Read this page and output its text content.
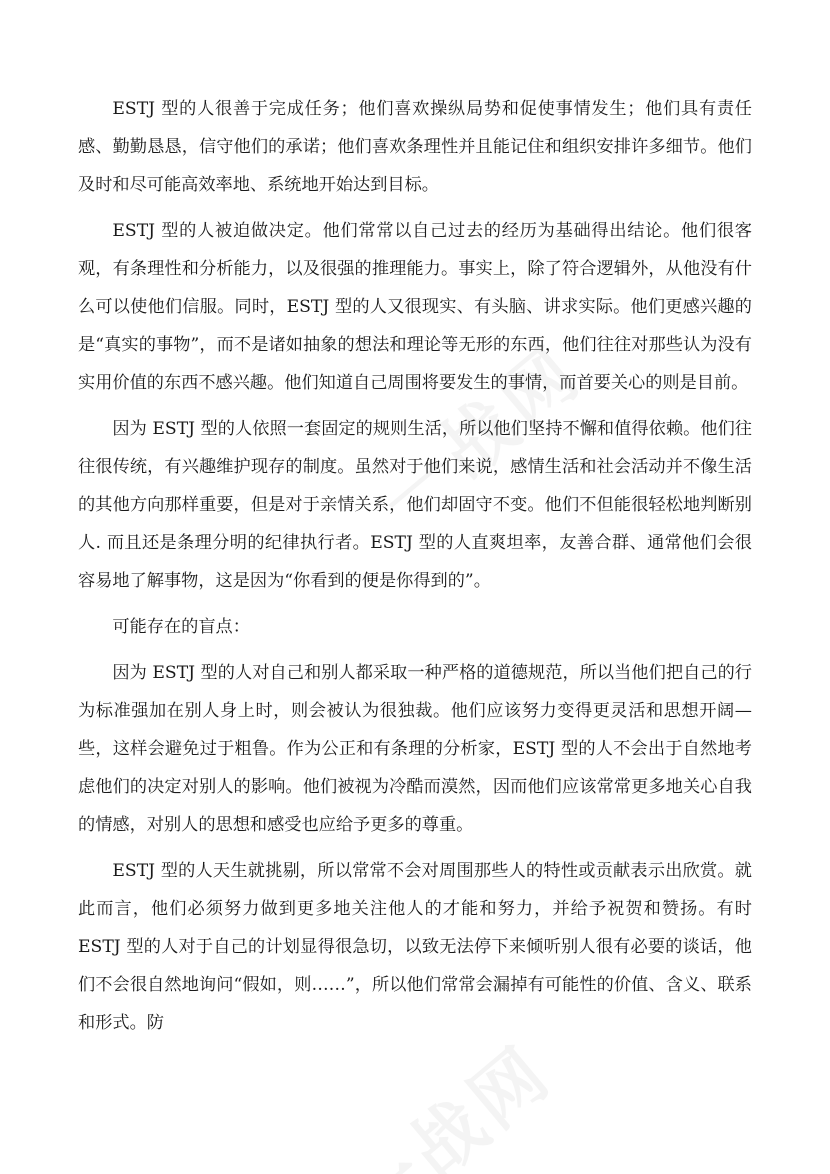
ESTJ 型的人很善于完成任务；他们喜欢操纵局势和促使事情发生；他们具有责任感、勤勤恳恳，信守他们的承诺；他们喜欢条理性并且能记住和组织安排许多细节。他们及时和尽可能高效率地、系统地开始达到目标。

ESTJ 型的人被迫做决定。他们常常以自己过去的经历为基础得出结论。他们很客观，有条理性和分析能力，以及很强的推理能力。事实上，除了符合逻辑外，从他没有什么可以使他们信服。同时，ESTJ 型的人又很现实、有头脑、讲求实际。他们更感兴趣的是“真实的事物”，而不是诸如抽象的想法和理论等无形的东西，他们往往对那些认为没有实用价值的东西不感兴趣。他们知道自己周围将要发生的事情，而首要关心的则是目前。

因为 ESTJ 型的人依照一套固定的规则生活，所以他们坚持不懈和值得依赖。他们往往很传统，有兴趣维护现存的制度。虽然对于他们来说，感情生活和社会活动并不像生活的其他方向那样重要，但是对于亲情关系，他们却固守不变。他们不但能很轻松地判断别人. 而且还是条理分明的纪律执行者。ESTJ 型的人直爽坦率，友善合群、通常他们会很容易地了解事物，这是因为“你看到的便是你得到的”。

可能存在的盲点：

因为 ESTJ 型的人对自己和别人都采取一种严格的道德规范，所以当他们把自己的行为标准强加在别人身上时，则会被认为很独裁。他们应该努力变得更灵活和思想开阔—些，这样会避免过于粗鲁。作为公正和有条理的分析家，ESTJ 型的人不会出于自然地考虑他们的决定对别人的影响。他们被视为冷酷而漠然，因而他们应该常常更多地关心自我的情感，对别人的思想和感受也应给予更多的尊重。

ESTJ 型的人天生就挑剔，所以常常不会对周围那些人的特性或贡献表示出欣赏。就此而言，他们必须努力做到更多地关注他人的才能和努力，并给予祝贺和赞扬。有时 ESTJ 型的人对于自己的计划显得很急切，以致无法停下来倾听别人很有必要的谈话，他们不会很自然地询问“假如，则……”，所以他们常常会漏掉有可能性的价值、含义、联系和形式。防
